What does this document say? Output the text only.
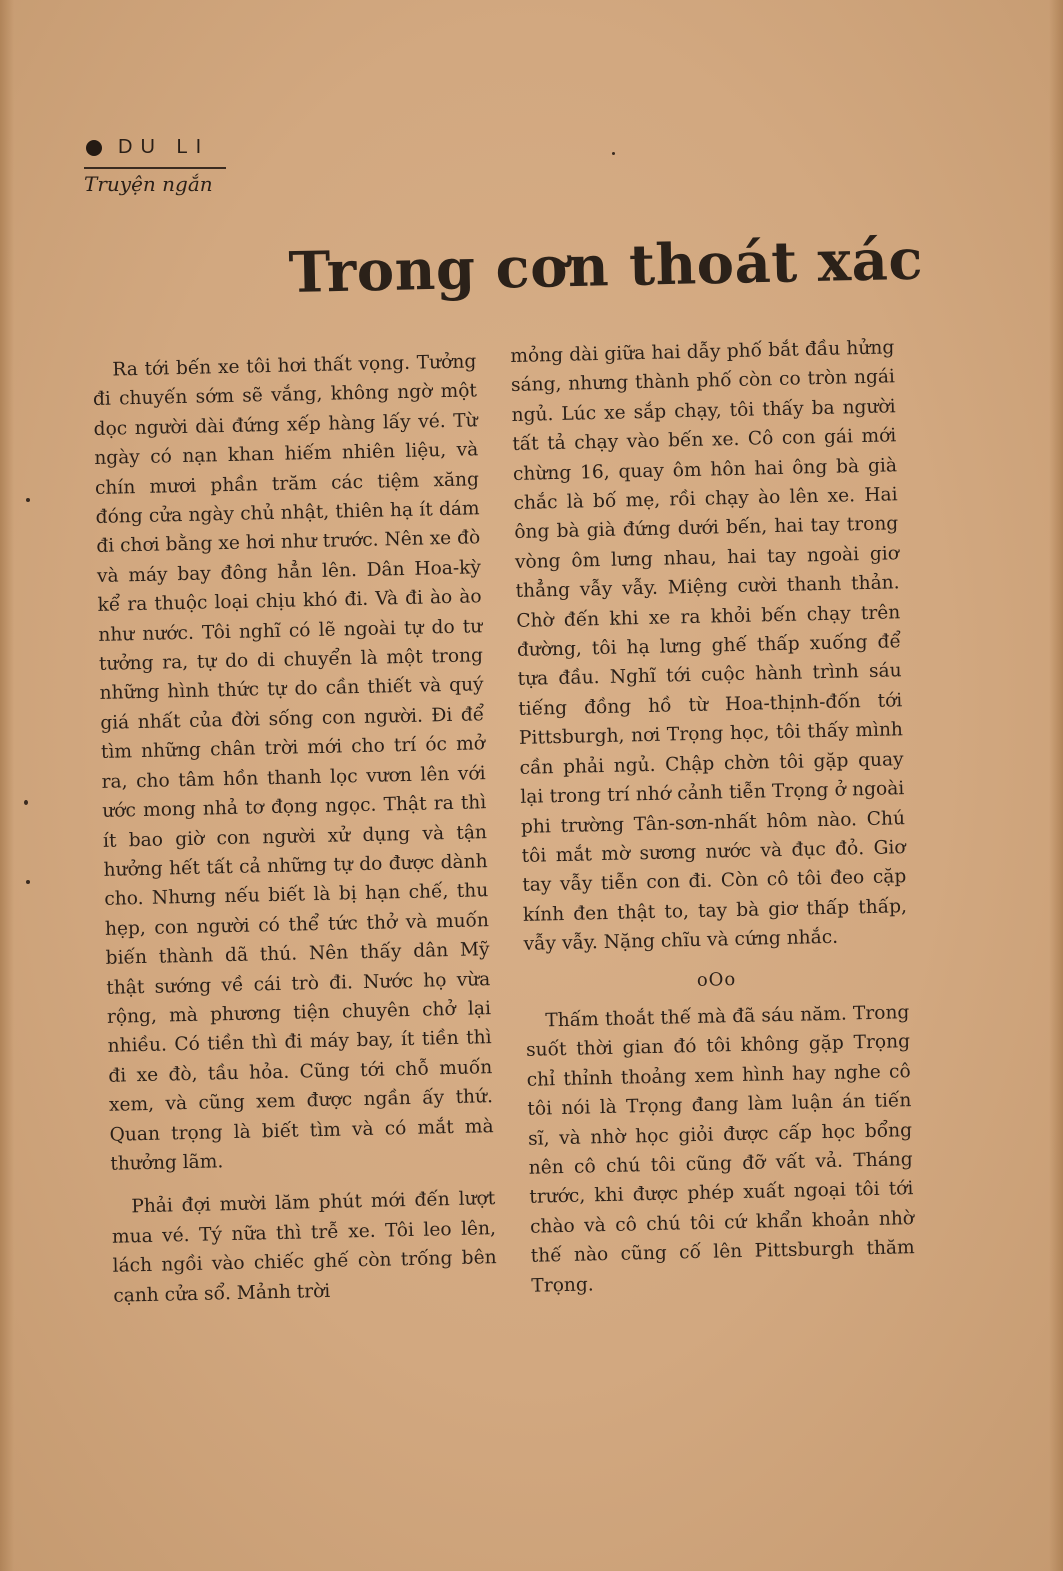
DU LI
Truyện ngắn
Trong cơn thoát xác

Ra tới bến xe tôi hơi thất vọng. Tưởng đi chuyến sớm sẽ vắng, không ngờ một dọc người dài đứng xếp hàng lấy vé. Từ ngày có nạn khan hiếm nhiên liệu, và chín mươi phần trăm các tiệm xăng đóng cửa ngày chủ nhật, thiên hạ ít dám đi chơi bằng xe hơi như trước. Nên xe đò và máy bay đông hẳn lên. Dân Hoa-kỳ kể ra thuộc loại chịu khó đi. Và đi ào ào như nước. Tôi nghĩ có lẽ ngoài tự do tư tưởng ra, tự do di chuyển là một trong những hình thức tự do cần thiết và quý giá nhất của đời sống con người. Đi để tìm những chân trời mới cho trí óc mở ra, cho tâm hồn thanh lọc vươn lên với ước mong nhả tơ đọng ngọc. Thật ra thì ít bao giờ con người xử dụng và tận hưởng hết tất cả những tự do được dành cho. Nhưng nếu biết là bị hạn chế, thu hẹp, con người có thể tức thở và muốn biến thành dã thú. Nên thấy dân Mỹ thật sướng về cái trò đi. Nước họ vừa rộng, mà phương tiện chuyên chở lại nhiều. Có tiền thì đi máy bay, ít tiền thì đi xe đò, tầu hỏa. Cũng tới chỗ muốn xem, và cũng xem được ngần ấy thứ. Quan trọng là biết tìm và có mắt mà thưởng lãm.

Phải đợi mười lăm phút mới đến lượt mua vé. Tý nữa thì trễ xe. Tôi leo lên, lách ngồi vào chiếc ghế còn trống bên cạnh cửa sổ. Mảnh trời

mỏng dài giữa hai dẫy phố bắt đầu hửng sáng, nhưng thành phố còn co tròn ngái ngủ. Lúc xe sắp chạy, tôi thấy ba người tất tả chạy vào bến xe. Cô con gái mới chừng 16, quay ôm hôn hai ông bà già chắc là bố mẹ, rồi chạy ào lên xe. Hai ông bà già đứng dưới bến, hai tay trong vòng ôm lưng nhau, hai tay ngoài giơ thẳng vẫy vẫy. Miệng cười thanh thản. Chờ đến khi xe ra khỏi bến chạy trên đường, tôi hạ lưng ghế thấp xuống để tựa đầu. Nghĩ tới cuộc hành trình sáu tiếng đồng hồ từ Hoa-thịnh-đốn tới Pittsburgh, nơi Trọng học, tôi thấy mình cần phải ngủ. Chập chờn tôi gặp quay lại trong trí nhớ cảnh tiễn Trọng ở ngoài phi trường Tân-sơn-nhất hôm nào. Chú tôi mắt mờ sương nước và đục đỏ. Giơ tay vẫy tiễn con đi. Còn cô tôi đeo cặp kính đen thật to, tay bà giơ thấp thấp, vẫy vẫy. Nặng chĩu và cứng nhắc.

oOo

Thấm thoắt thế mà đã sáu năm. Trong suốt thời gian đó tôi không gặp Trọng chỉ thỉnh thoảng xem hình hay nghe cô tôi nói là Trọng đang làm luận án tiến sĩ, và nhờ học giỏi được cấp học bổng nên cô chú tôi cũng đỡ vất vả. Tháng trước, khi được phép xuất ngoại tôi tới chào và cô chú tôi cứ khẩn khoản nhờ thế nào cũng cố lên Pittsburgh thăm Trọng.
